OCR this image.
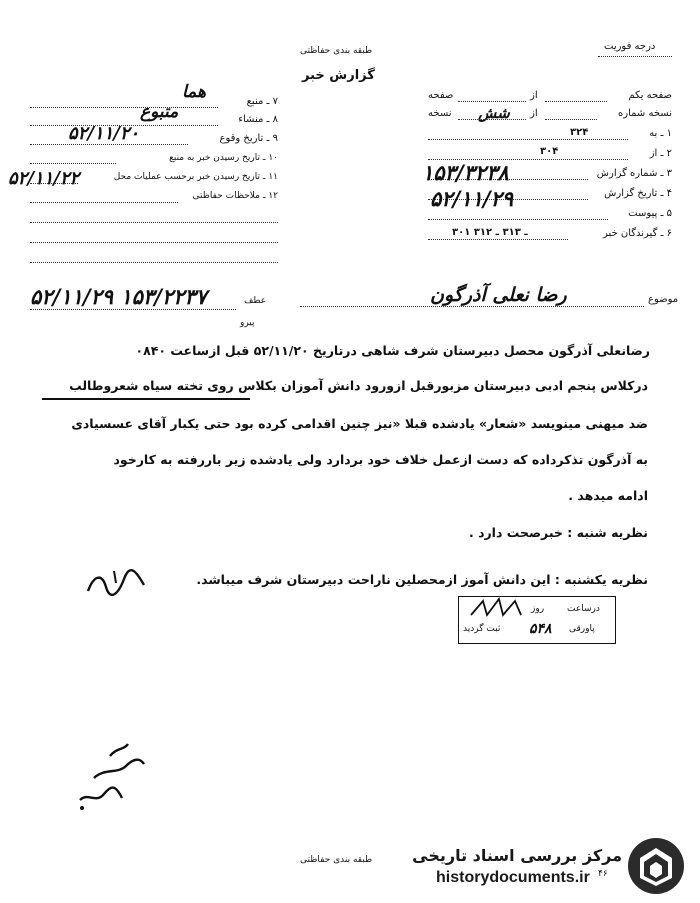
طبقه بندی حفاظتی
گزارش خبر
درجه فوریت
۷ ـ منبع
۸ ـ منشاء
۹ ـ تاریخ وقوع
۱۰ ـ تاریخ رسیدن خبر به منبع
۱۱ ـ تاریخ رسیدن خبر برحسب عملیات محل
۱۲ ـ ملاحظات حفاظتی
هما
متبوع
۵۲/۱۱/۲۰
۵۲/۱۱/۲۲
صفحه یکم
از
صفحه
نسخه شماره
از
نسخه شش
۱ ـ به
۳۲۴
۲ ـ از
۳۰۴
۳ ـ شماره گزارش
۴ ـ تاریخ گزارش
۱۵۳/۳۲۳۸
۵۲/۱۱/۲۹
۵ ـ پیوست
۶ ـ گیرندگان خبر
۳۰۱ ـ ۳۱۳ ـ ۳۱۲
موضوع
رضا نعلی آذرگون
عطف
پیرو
۵۲/۱۱/۲۹ ۱۵۳/۲۲۳۷
رضانعلی آذرگون محصل دبیرستان شرف شاهی درتاریخ ۵۲/۱۱/۲۰ قبل ازساعت ۰۸۴۰
درکلاس پنجم ادبی دبیرستان مزبورقبل ازورود دانش آموزان بکلاس روی تخته سیاه شعروطالب
ضد میهنی مینویسد «شعار» یادشده قبلا «نیز چنین اقدامی کرده بود حتی یکبار آقای عسسیادی
به آذرگون تذکرداده که دست ازعمل خلاف خود بردارد ولی یادشده زیر باررفته به کارخود
ادامه میدهد .
نظریه شنبه : خبرصحت دارد .
نظریه یکشنبه : این دانش آموز ازمحصلین ناراحت دبیرستان شرف میباشد.
درساعت
روز
پاورقی
ثبت گردید ۵۴۸
طبقه بندی حفاظتی مرکز بررسی اسناد تاریخی
historydocuments.ir ۴۶
